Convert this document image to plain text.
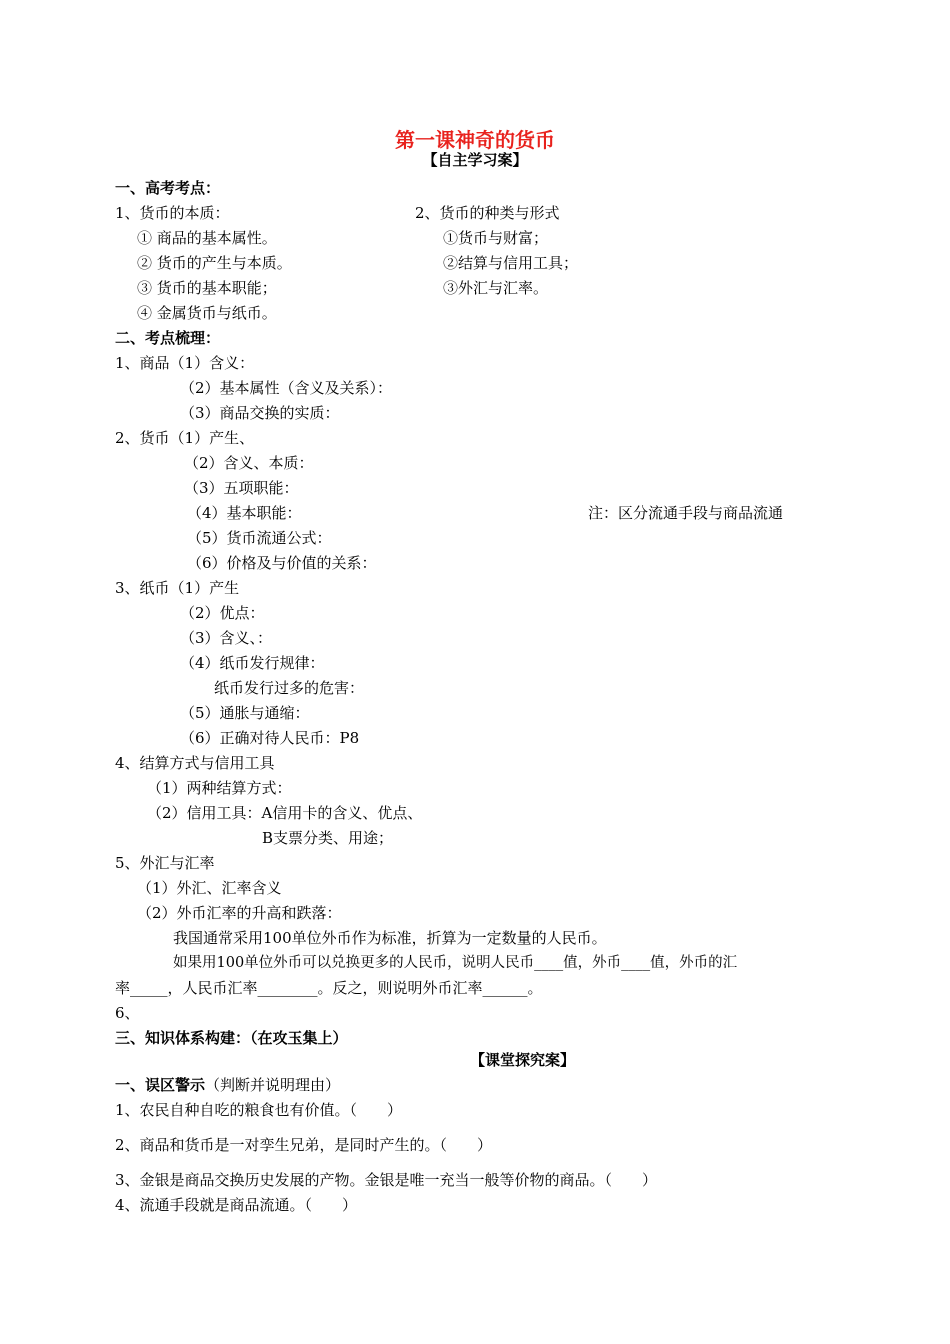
第一课神奇的货币
【自主学习案】
一、高考考点：
1、货币的本质：
① 商品的基本属性。
② 货币的产生与本质。
③ 货币的基本职能；
④ 金属货币与纸币。
2、货币的种类与形式
①货币与财富；
②结算与信用工具；
③外汇与汇率。
二、考点梳理：
1、商品（1）含义：
（2）基本属性（含义及关系）：
（3）商品交换的实质：
2、货币（1）产生、
（2）含义、本质：
（3）五项职能：
（4）基本职能：	注：区分流通手段与商品流通
（5）货币流通公式：
（6）价格及与价值的关系：
3、纸币（1）产生
（2）优点：
（3）含义、：
（4）纸币发行规律：
纸币发行过多的危害：
（5）通胀与通缩：
（6）正确对待人民币：P8
4、结算方式与信用工具
（1）两种结算方式：
（2）信用工具：A信用卡的含义、优点、
B支票分类、用途；
5、外汇与汇率
（1）外汇、汇率含义
（2）外币汇率的升高和跌落：
我国通常采用100单位外币作为标准，折算为一定数量的人民币。
如果用100单位外币可以兑换更多的人民币，说明人民币____值，外币____值，外币的汇
率_____，人民币汇率________。反之，则说明外币汇率______。
6、
三、知识体系构建：（在攻玉集上）
【课堂探究案】
一、误区警示（判断并说明理由）
1、农民自种自吃的粮食也有价值。（　　）
2、商品和货币是一对孪生兄弟，是同时产生的。（　　）
3、金银是商品交换历史发展的产物。金银是唯一充当一般等价物的商品。（　　）
4、流通手段就是商品流通。（　　）
